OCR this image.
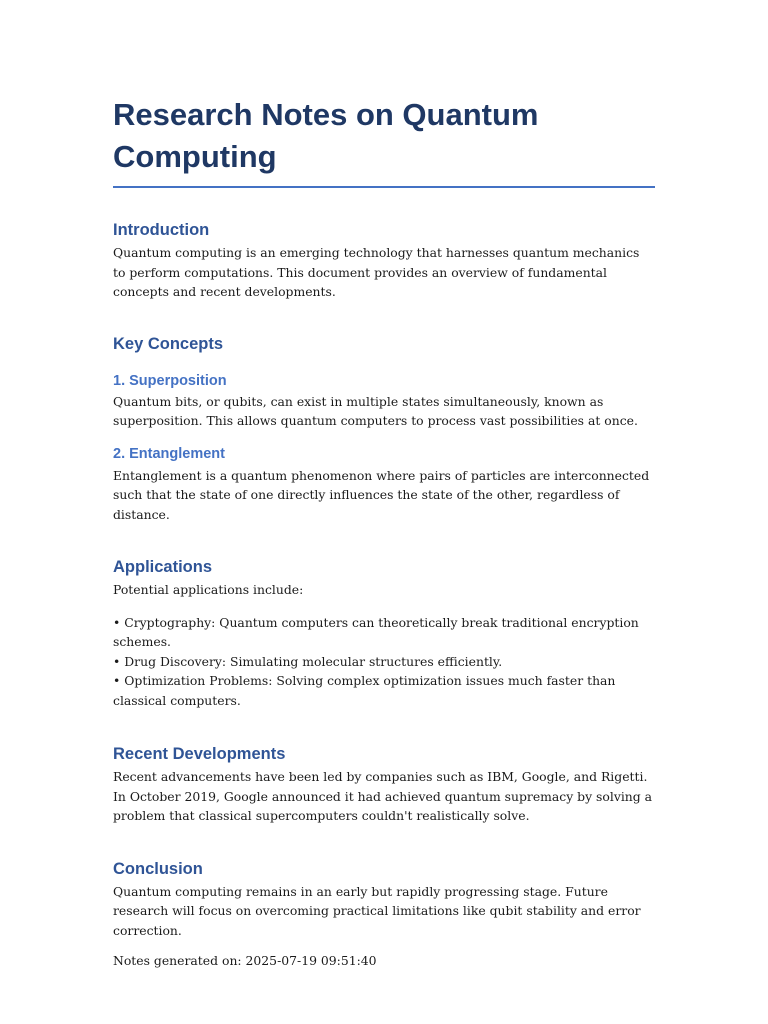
Research Notes on Quantum Computing
Introduction

Quantum computing is an emerging technology that harnesses quantum mechanics to perform computations. This document provides an overview of fundamental concepts and recent developments.

Key Concepts
1. Superposition

Quantum bits, or qubits, can exist in multiple states simultaneously, known as superposition. This allows quantum computers to process vast possibilities at once.

2. Entanglement

Entanglement is a quantum phenomenon where pairs of particles are interconnected such that the state of one directly influences the state of the other, regardless of distance.

Applications

Potential applications include:

• Cryptography: Quantum computers can theoretically break traditional encryption schemes.

• Drug Discovery: Simulating molecular structures efficiently.

• Optimization Problems: Solving complex optimization issues much faster than classical computers.

Recent Developments

Recent advancements have been led by companies such as IBM, Google, and Rigetti. In October 2019, Google announced it had achieved quantum supremacy by solving a problem that classical supercomputers couldn't realistically solve.

Conclusion

Quantum computing remains in an early but rapidly progressing stage. Future research will focus on overcoming practical limitations like qubit stability and error correction.

Notes generated on: 2025-07-19 09:51:40
